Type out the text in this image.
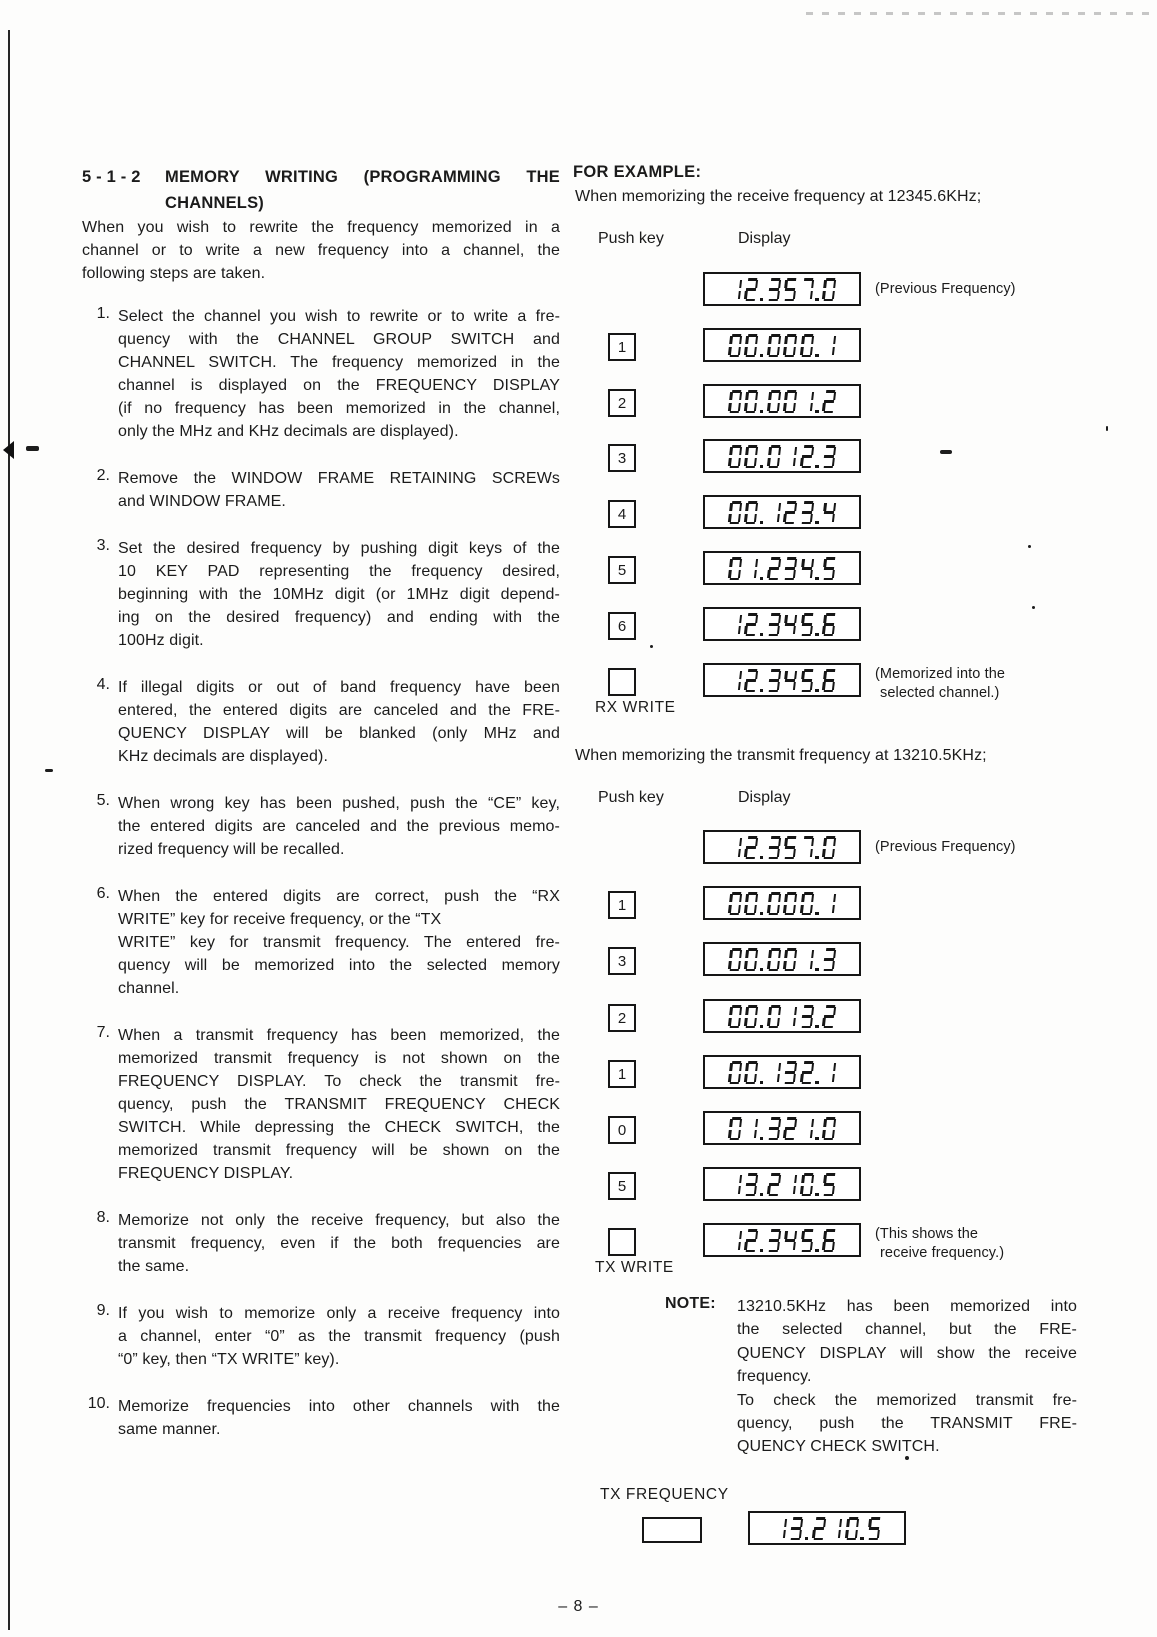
5 - 1 - 2	MEMORY WRITING (PROGRAMMING THE
CHANNELS)
When you wish to rewrite the frequency memorized in a
channel or to write a new frequency into a channel, the
following steps are taken.
1. Select the channel you wish to rewrite or to write a fre-
quency with the CHANNEL GROUP SWITCH and
CHANNEL SWITCH. The frequency memorized in the
channel is displayed on the FREQUENCY DISPLAY
(if no frequency has been memorized in the channel,
only the MHz and KHz decimals are displayed).
2. Remove the WINDOW FRAME RETAINING SCREWs
and WINDOW FRAME.
3. Set the desired frequency by pushing digit keys of the
10 KEY PAD representing the frequency desired,
beginning with the 10MHz digit (or 1MHz digit depend-
ing on the desired frequency) and ending with the
100Hz digit.
4. If illegal digits or out of band frequency have been
entered, the entered digits are canceled and the FRE-
QUENCY DISPLAY will be blanked (only MHz and
KHz decimals are displayed).
5. When wrong key has been pushed, push the “CE” key,
the entered digits are canceled and the previous memo-
rized frequency will be recalled.
6. When the entered digits are correct, push the “RX
WRITE” key for receive frequency, or the “TX
WRITE” key for transmit frequency. The entered fre-
quency will be memorized into the selected memory
channel.
7. When a transmit frequency has been memorized, the
memorized transmit frequency is not shown on the
FREQUENCY DISPLAY. To check the transmit fre-
quency, push the TRANSMIT FREQUENCY CHECK
SWITCH. While depressing the CHECK SWITCH, the
memorized transmit frequency will be shown on the
FREQUENCY DISPLAY.
8. Memorize not only the receive frequency, but also the
transmit frequency, even if the both frequencies are
the same.
9. If you wish to memorize only a receive frequency into
a channel, enter “0” as the transmit frequency (push
“0” key, then “TX WRITE” key).
10. Memorize frequencies into other channels with the
same manner.
FOR EXAMPLE:
When memorizing the receive frequency at 12345.6KHz;
Push key	Display
(Previous Frequency)
1
2
3
4
5
6
RX WRITE
(Memorized into the
selected channel.)
When memorizing the transmit frequency at 13210.5KHz;
Push key	Display
(Previous Frequency)
1
3
2
1
0
5
TX WRITE
(This shows the
receive frequency.)
NOTE: 13210.5KHz has been memorized into
the selected channel, but the FRE-
QUENCY DISPLAY will show the receive
frequency.
To check the memorized transmit fre-
quency, push the TRANSMIT FRE-
QUENCY CHECK SWITCH.
TX FREQUENCY
– 8 –
